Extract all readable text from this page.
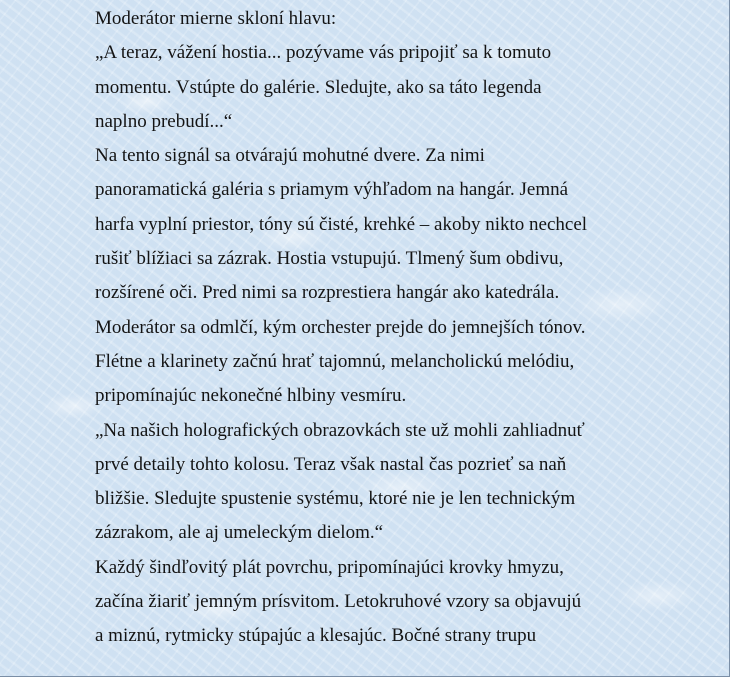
Moderátor mierne skloní hlavu:
„A teraz, vážení hostia... pozývame vás pripojiť sa k tomuto
momentu. Vstúpte do galérie. Sledujte, ako sa táto legenda
naplno prebudí...“
Na tento signál sa otvárajú mohutné dvere. Za nimi
panoramatická galéria s priamym výhľadom na hangár. Jemná
harfa vyplní priestor, tóny sú čisté, krehké – akoby nikto nechcel
rušiť blížiaci sa zázrak. Hostia vstupujú. Tlmený šum obdivu,
rozšírené oči. Pred nimi sa rozprestiera hangár ako katedrála.
Moderátor sa odmlčí, kým orchester prejde do jemnejších tónov.
Flétne a klarinety začnú hrať tajomnú, melancholickú melódiu,
pripomínajúc nekonečné hlbiny vesmíru.
„Na našich holografických obrazovkách ste už mohli zahliadnuť
prvé detaily tohto kolosu. Teraz však nastal čas pozrieť sa naň
bližšie. Sledujte spustenie systému, ktoré nie je len technickým
zázrakom, ale aj umeleckým dielom.“
Každý šindľovitý plát povrchu, pripomínajúci krovky hmyzu,
začína žiariť jemným prísvitom. Letokruhové vzory sa objavujú
a miznú, rytmicky stúpajúc a klesajúc. Bočné strany trupu
